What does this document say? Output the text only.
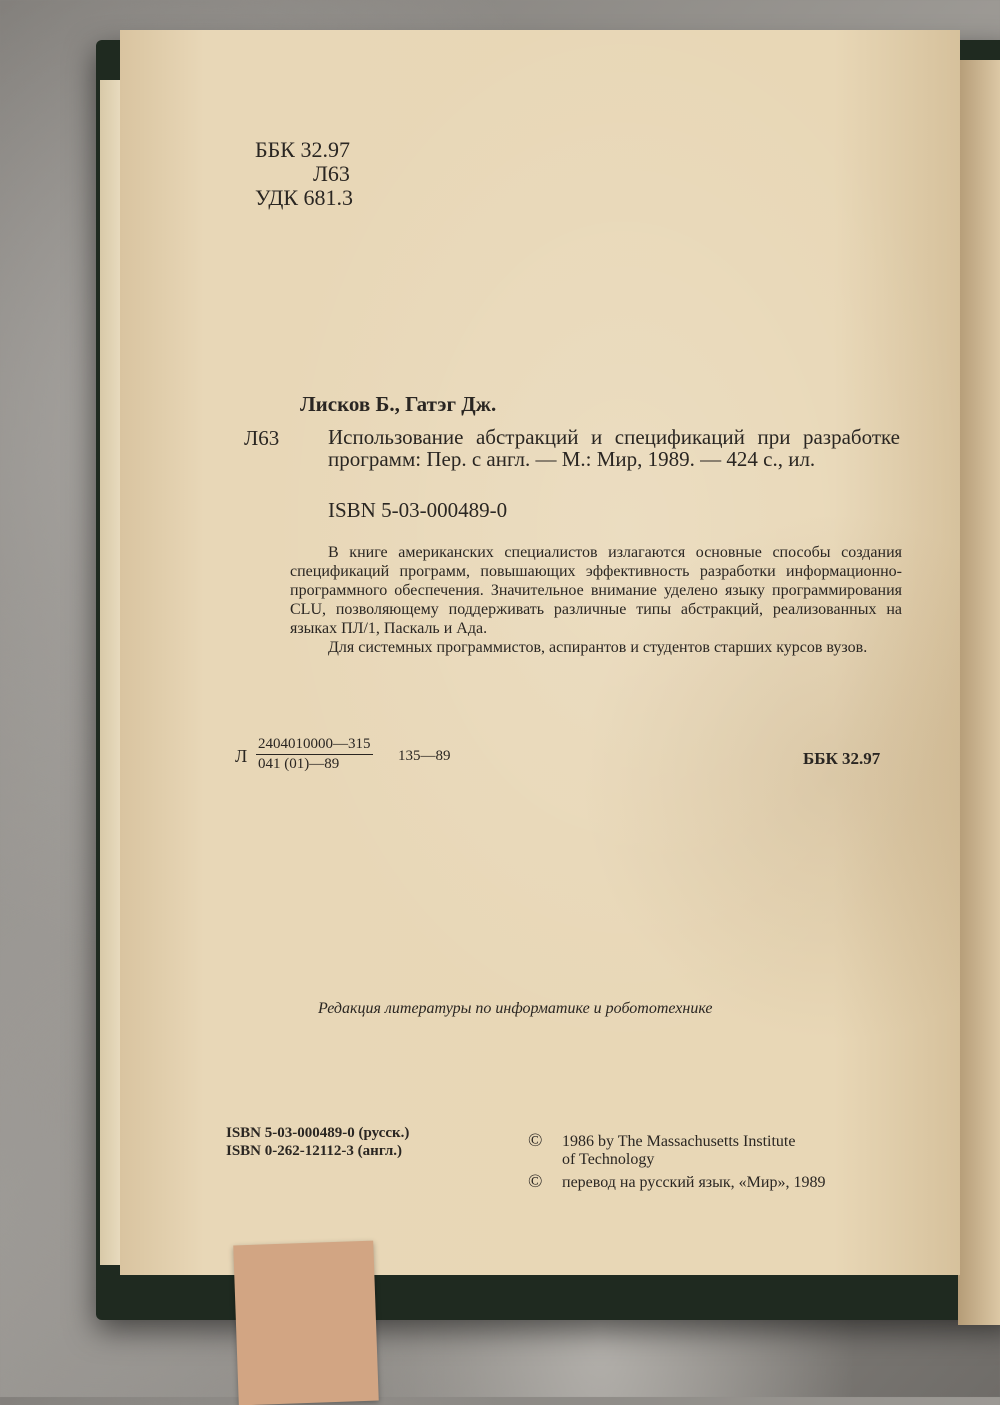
ББК 32.97
Л63
УДК 681.3
Лисков Б., Гатэг Дж.
Л63 Использование абстракций и спецификаций при разработке программ: Пер. с англ. — М.: Мир, 1989. — 424 с., ил.
ISBN 5-03-000489-0

В книге американских специалистов излагаются основные способы создания спецификаций программ, повышающих эффективность разработки информационно-программного обеспечения. Значительное внимание уделено языку программирования CLU, позволяющему поддерживать различные типы абстракций, реализованных на языках ПЛ/1, Паскаль и Ада.

Для системных программистов, аспирантов и студентов старших курсов вузов.

Л $\frac{2404010000—315}{041 (01)—89}$ 135—89	ББК 32.97
Редакция литературы по информатике и робототехнике
ISBN 5-03-000489-0 (русск.)
ISBN 0-262-12112-3 (англ.)	© 1986 by The Massachusetts Institute
of Technology
© перевод на русский язык, «Мир», 1989
